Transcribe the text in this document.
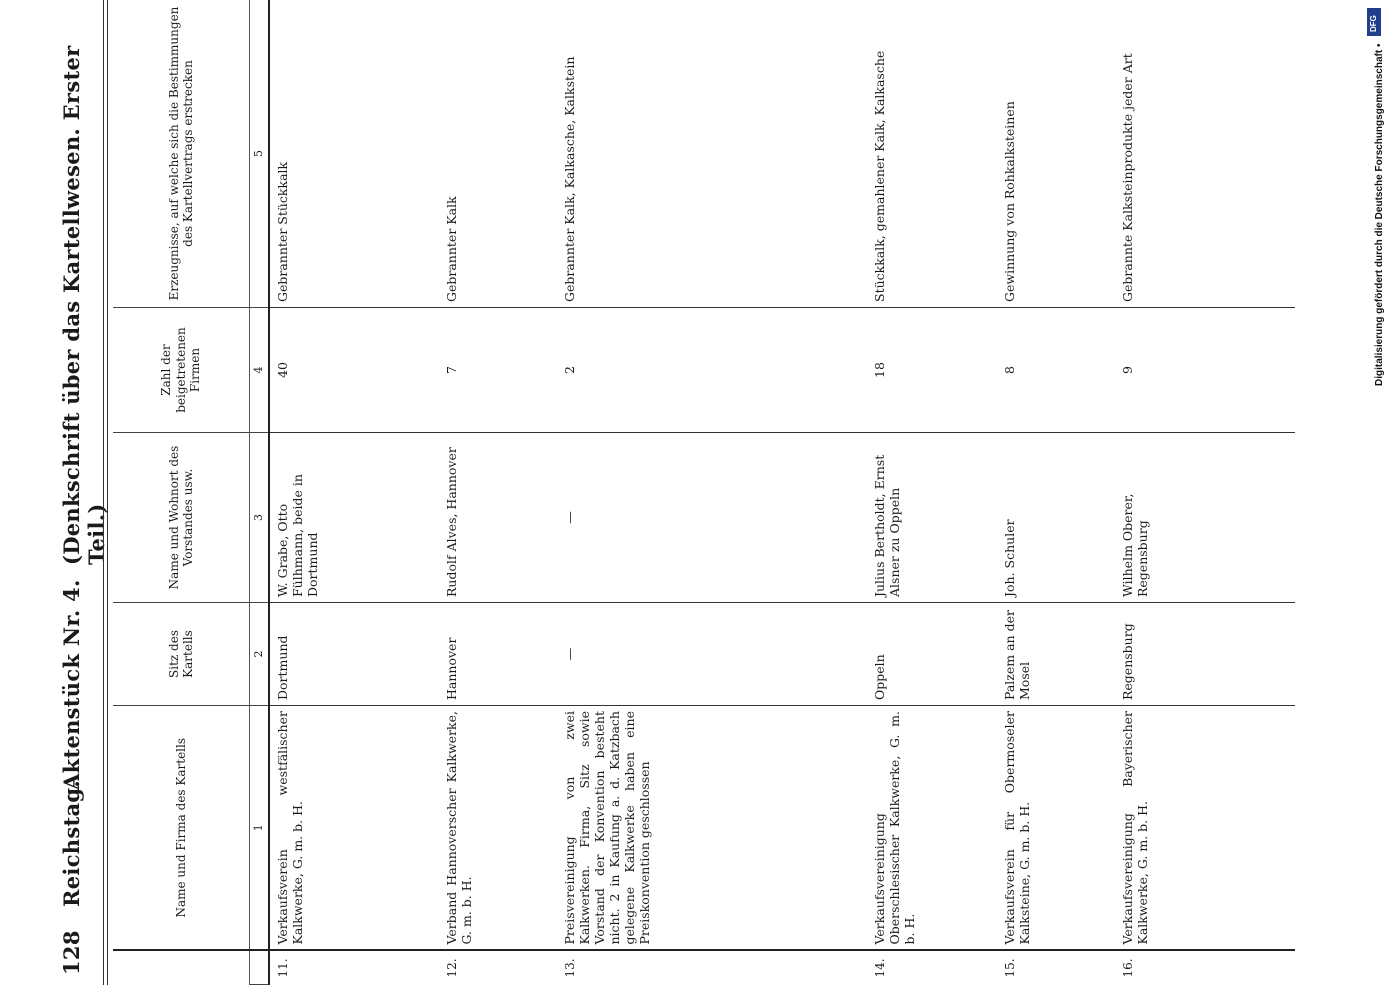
128
Reichstag.
Aktenstück Nr. 4.
(Denkschrift über das Kartellwesen. Erster Teil.)
	Name und Firma des Kartells	Sitz des Kartells	Name und Wohnort des Vorstandes usw.	Zahl der beigetretenen Firmen	Erzeugnisse, auf welche sich die Bestimmungen des Kartellvertrags erstrecken
	1	2	3	4	5
11.	Verkaufsverein westfälischer Kalkwerke, G. m. b. H.	Dortmund	W. Grabe, Otto Fülhmann, beide in Dortmund	40	Gebrannter Stückkalk
12.	Verband Hannoverscher Kalkwerke, G. m. b. H.	Hannover	Rudolf Alves, Hannover	7	Gebrannter Kalk
13.	Preisvereinigung von zwei Kalkwerken. Firma, Sitz sowie Vorstand der Konvention besteht nicht. 2 in Kaufung a. d. Katzbach gelegene Kalkwerke haben eine Preiskonvention geschlossen	—	—	2	Gebrannter Kalk, Kalkasche, Kalkstein
14.	Verkaufsvereinigung Oberschlesischer Kalkwerke, G. m. b. H.	Oppeln	Julius Bertholdt, Ernst Alsner zu Oppeln	18	Stückkalk, gemahlener Kalk, Kalkasche
15.	Verkaufsverein für Obermoseler Kalksteine, G. m. b. H.	Palzem an der Mosel	Joh. Schuler	8	Gewinnung von Rohkalksteinen
16.	Verkaufsvereinigung Bayerischer Kalkwerke, G. m. b. H.	Regensburg	Wilhelm Oberer, Regensburg	9	Gebrannte Kalksteinprodukte jeder Art
DFG
Digitalisierung gefördert durch die Deutsche Forschungsgemeinschaft •
